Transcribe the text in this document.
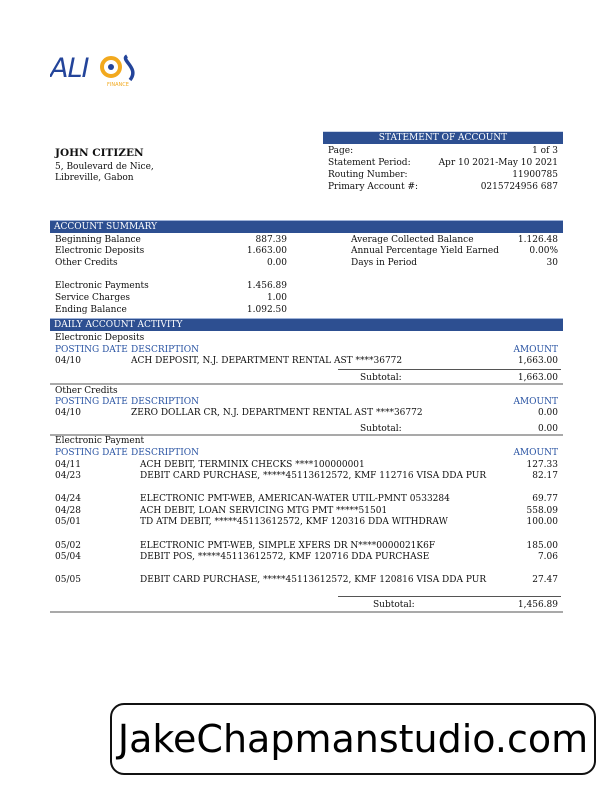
ALI
FINANCE
JOHN CITIZEN
5, Boulevard de Nice,
Libreville, Gabon
STATEMENT OF ACCOUNT
Page:	1 of 3
Statement Period:	Apr 10 2021-May 10 2021
Routing Number:	11900785
Primary Account #:	0215724956 687
ACCOUNT SUMMARY
Beginning Balance	887.39
Electronic Deposits	1.663.00
Other Credits	0.00
Electronic Payments	1.456.89
Service Charges	1.00
Ending Balance	1.092.50
Average Collected Balance	1.126.48
Annual Percentage Yield Earned	0.00%
Days in Period	30
DAILY ACCOUNT ACTIVITY
Electronic Deposits
POSTING DATE DESCRIPTION	AMOUNT
04/10	ACH DEPOSIT, N.J. DEPARTMENT RENTAL AST ****36772	1,663.00
Subtotal:	1,663.00
Other Credits
POSTING DATE DESCRIPTION	AMOUNT
04/10	ZERO DOLLAR CR, N.J. DEPARTMENT RENTAL AST ****36772	0.00
Subtotal:	0.00
Electronic Payment
POSTING DATE DESCRIPTION	AMOUNT
04/11	ACH DEBIT, TERMINIX CHECKS ****100000001	127.33
04/23	DEBIT CARD PURCHASE, *****45113612572, KMF 112716 VISA DDA PUR	82.17
04/24	ELECTRONIC PMT-WEB, AMERICAN-WATER UTIL-PMNT 0533284	69.77
04/28	ACH DEBIT, LOAN SERVICING MTG PMT *****51501	558.09
05/01	TD ATM DEBIT, *****45113612572, KMF 120316 DDA WITHDRAW	100.00
05/02	ELECTRONIC PMT-WEB, SIMPLE XFERS DR N****0000021K6F	185.00
05/04	DEBIT POS, *****45113612572, KMF 120716 DDA PURCHASE	7.06
05/05	DEBIT CARD PURCHASE, *****45113612572, KMF 120816 VISA DDA PUR	27.47
Subtotal:	1,456.89
JakeChapmanstudio.com
